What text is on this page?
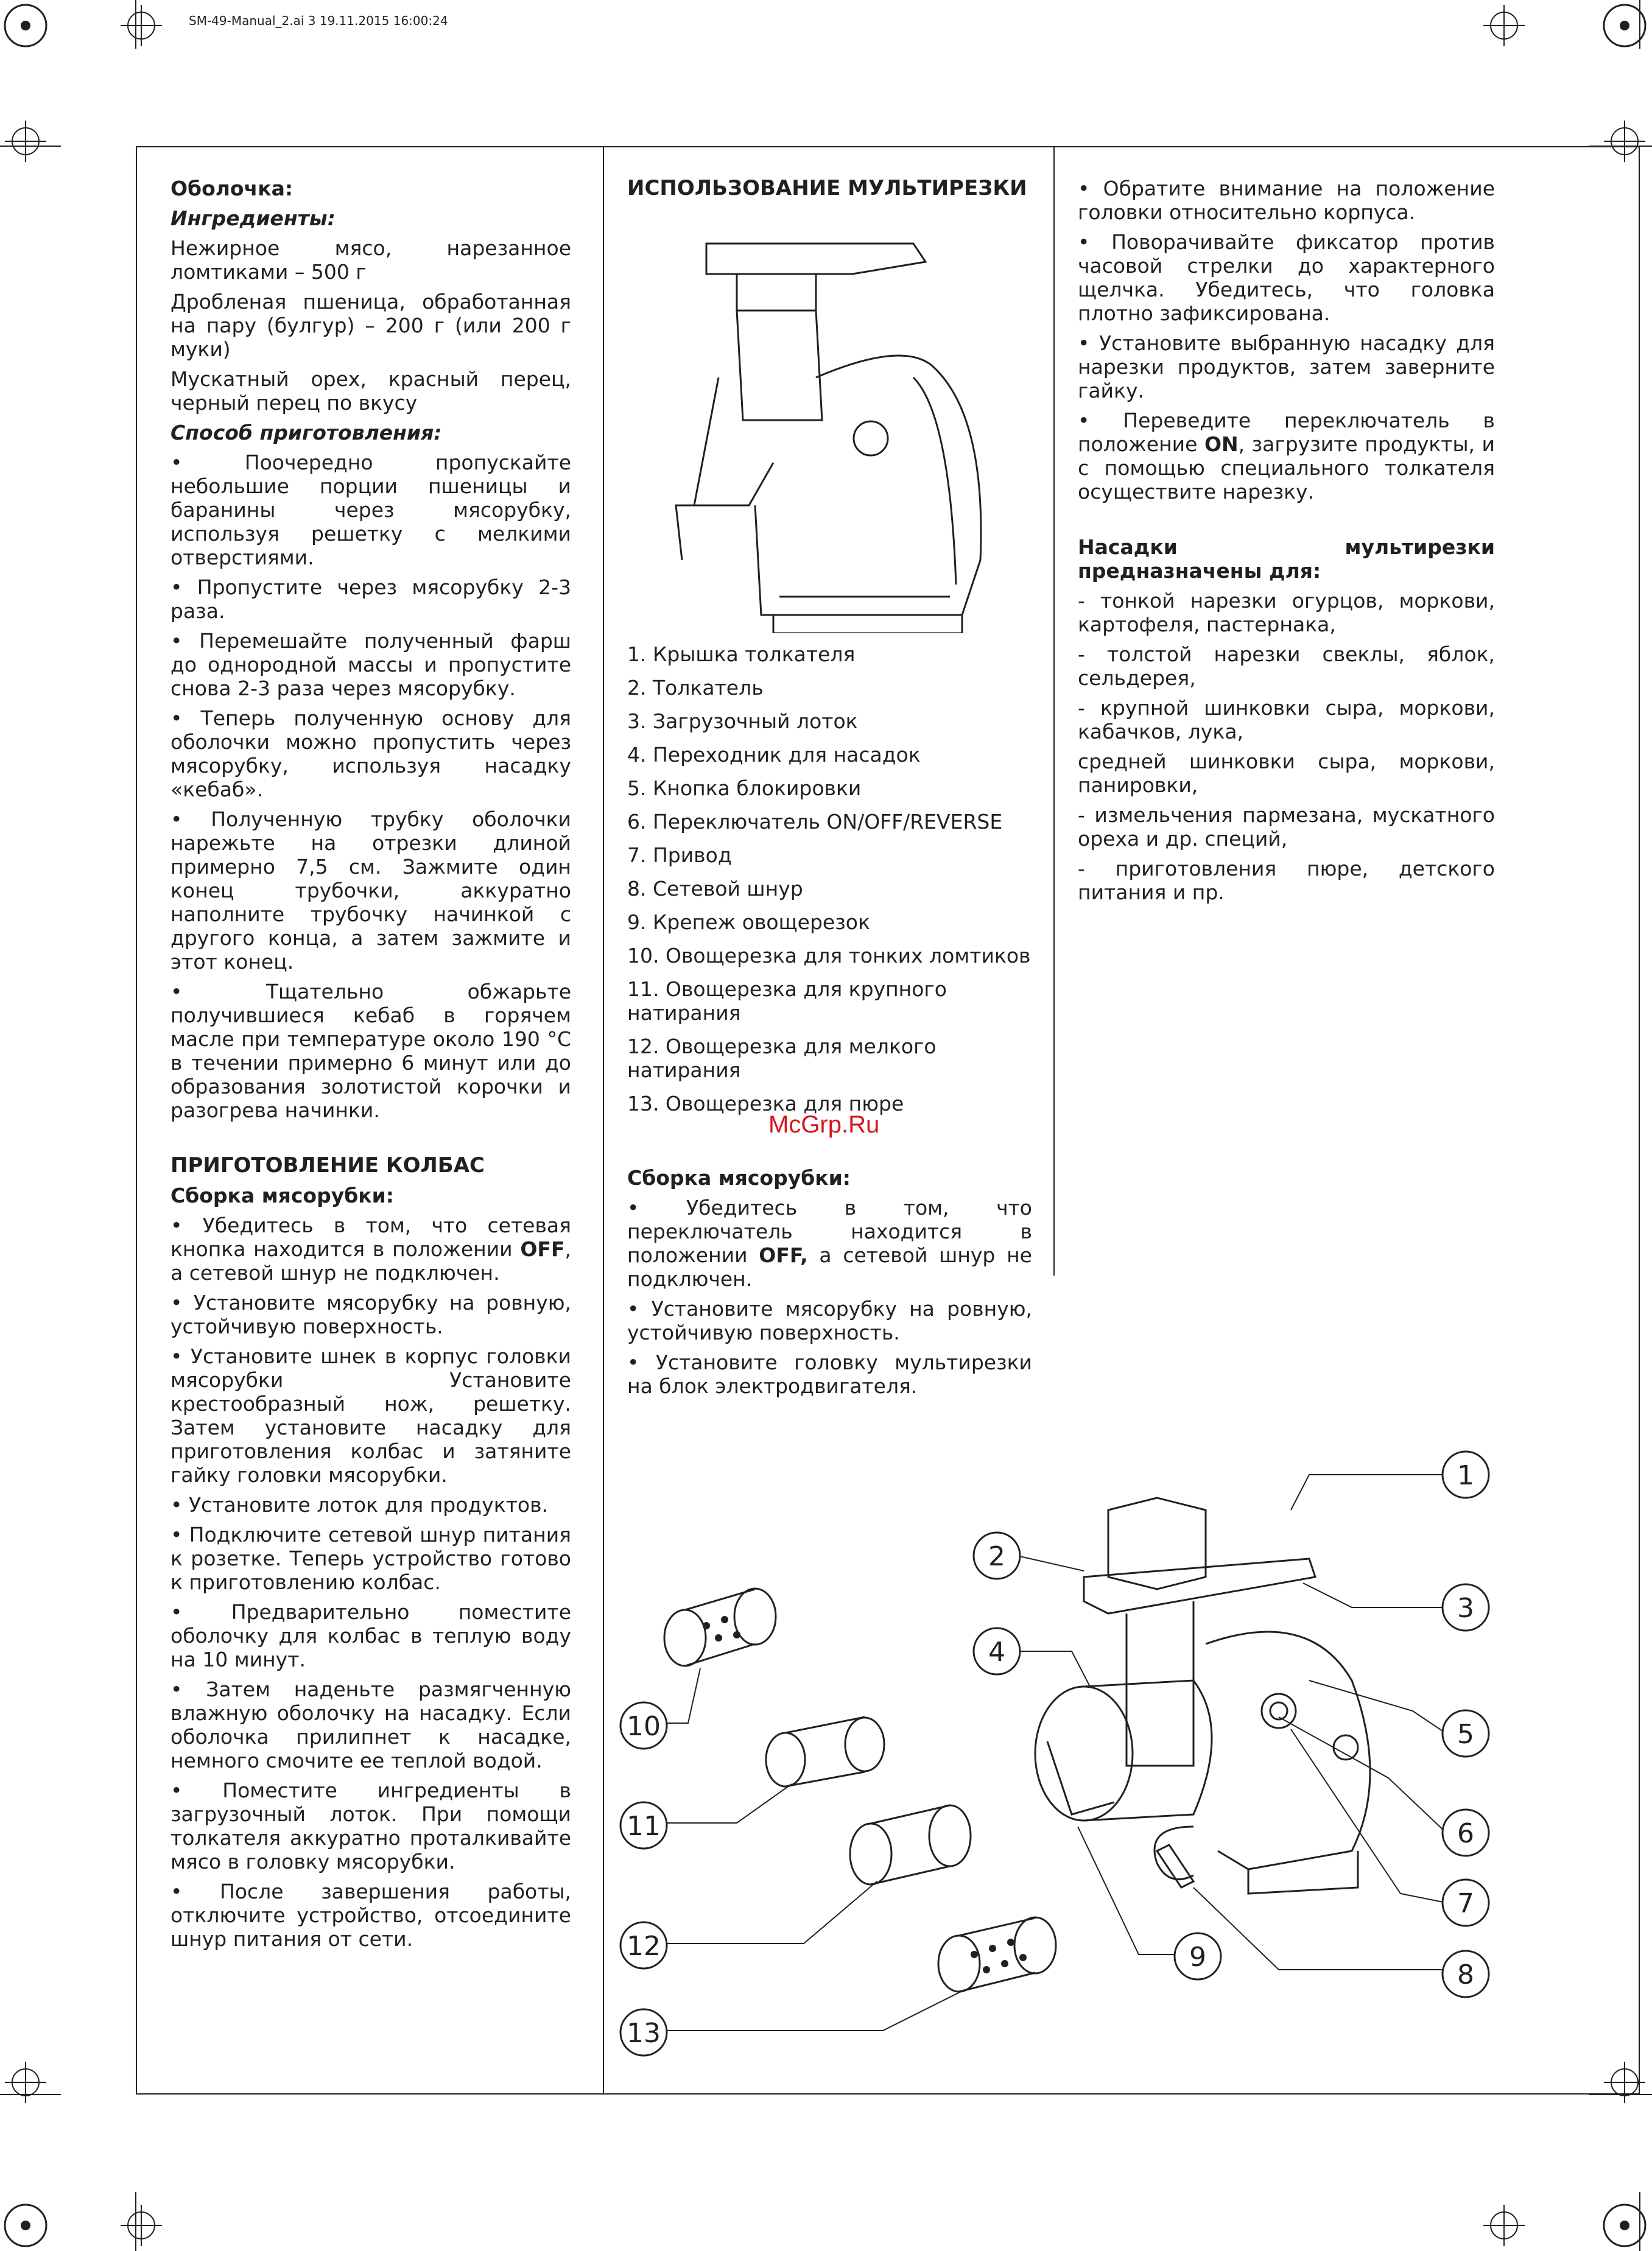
SM-49-Manual_2.ai 3 19.11.2015 16:00:24

Оболочка:

Ингредиенты:

Нежирное мясо, нарезанное ломтиками – 500 г

Дробленая пшеница, обработанная на пару (булгур) – 200 г (или 200 г муки)

Мускатный орех, красный перец, черный перец по вкусу

Способ приготовления:

• Поочередно пропускайте небольшие порции пшеницы и баранины через мясорубку, используя решетку с мелкими отверстиями.

• Пропустите через мясорубку 2-3 раза.

• Перемешайте полученный фарш до однородной массы и пропустите снова 2-3 раза через мясорубку.

• Теперь полученную основу для оболочки можно пропустить через мясорубку, используя насадку «кебаб».

• Полученную трубку оболочки нарежьте на отрезки длиной примерно 7,5 см. Зажмите один конец трубочки, аккуратно наполните трубочку начинкой с другого конца, а затем зажмите и этот конец.

• Тщательно обжарьте получившиеся кебаб в горячем масле при температуре около 190 °C в течении примерно 6 минут или до образования золотистой корочки и разогрева начинки.

ПРИГОТОВЛЕНИЕ КОЛБАС

Сборка мясорубки:

• Убедитесь в том, что сетевая кнопка находится в положении OFF, а сетевой шнур не подключен.

• Установите мясорубку на ровную, устойчивую поверхность.

• Установите шнек в корпус головки мясорубки Установите крестообразный нож, решетку. Затем установите насадку для приготовления колбас и затяните гайку головки мясорубки.

• Установите лоток для продуктов.

• Подключите сетевой шнур питания к розетке. Теперь устройство готово к приготовлению колбас.

• Предварительно поместите оболочку для колбас в теплую воду на 10 минут.

• Затем наденьте размягченную влажную оболочку на насадку. Если оболочка прилипнет к насадке, немного смочите ее теплой водой.

• Поместите ингредиенты в загрузочный лоток. При помощи толкателя аккуратно проталкивайте мясо в головку мясорубки.

• После завершения работы, отключите устройство, отсоедините шнур питания от сети.

ИСПОЛЬЗОВАНИЕ МУЛЬТИРЕЗКИ

1. Крышка толкателя

2. Толкатель

3. Загрузочный лоток

4. Переходник для насадок

5. Кнопка блокировки

6. Переключатель ON/OFF/REVERSE

7. Привод

8. Сетевой шнур

9. Крепеж овощерезок

10. Овощерезка для тонких ломтиков

11. Овощерезка для крупного натирания

12. Овощерезка для мелкого натирания

13. Овощерезка для пюре

McGrp.Ru

Сборка мясорубки:

• Убедитесь в том, что переключатель находится в положении OFF, а сетевой шнур не подключен.

• Установите мясорубку на ровную, устойчивую поверхность.

• Установите головку мультирезки на блок электродвигателя.

• Обратите внимание на положение головки относительно корпуса.

• Поворачивайте фиксатор против часовой стрелки до характерного щелчка. Убедитесь, что головка плотно зафиксирована.

• Установите выбранную насадку для нарезки продуктов, затем заверните гайку.

• Переведите переключатель в положение ON, загрузите продукты, и с помощью специального толкателя осуществите нарезку.

Насадки мультирезки предназначены для:

- тонкой нарезки огурцов, моркови, картофеля, пастернака,

- толстой нарезки свеклы, яблок, сельдерея,

- крупной шинковки сыра, моркови, кабачков, лука,

средней шинковки сыра, моркови, панировки,

- измельчения пармезана, мускатного ореха и др. специй,

- приготовления пюре, детского питания и пр.

1
2
3
4
5
6
7
8
9
10
11
12
13
